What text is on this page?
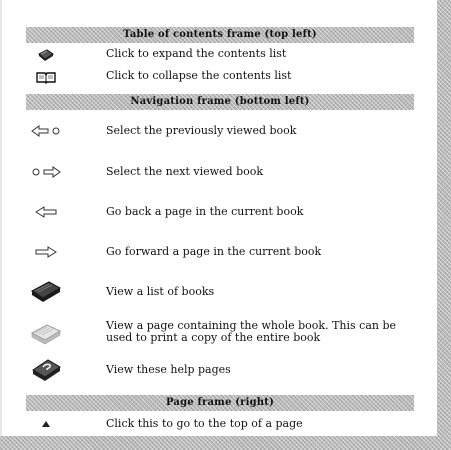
Table of contents frame (top left)
Click to expand the contents list
Click to collapse the contents list
Navigation frame (bottom left)
Select the previously viewed book
Select the next viewed book
Go back a page in the current book
Go forward a page in the current book
View a list of books
View a page containing the whole book. This can be used to print a copy of the entire book
View these help pages
Page frame (right)
Click this to go to the top of a page
